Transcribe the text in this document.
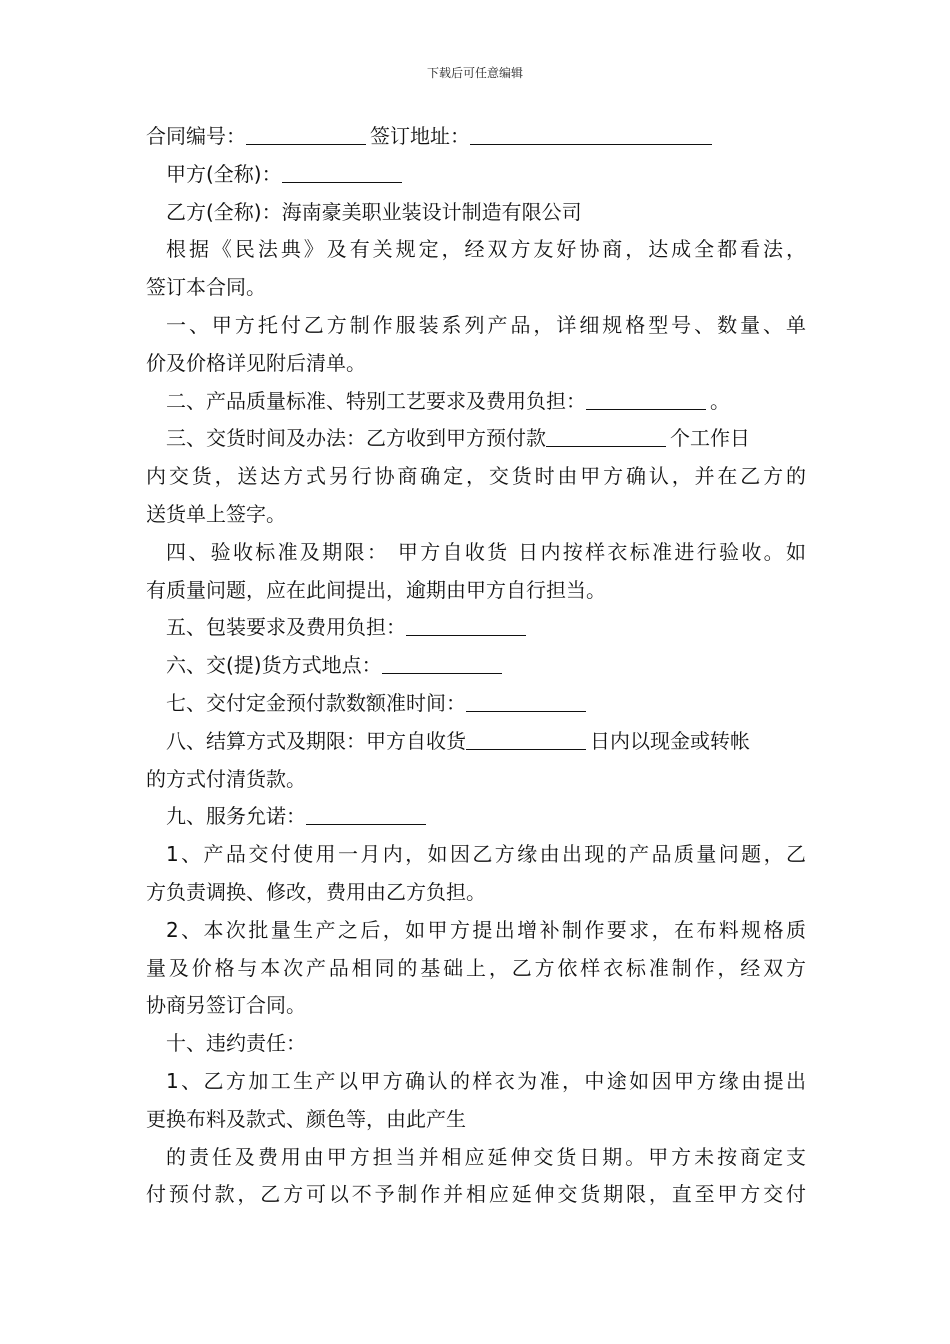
下载后可任意编辑
合同编号：	签订地址：
甲方(全称)：
乙方(全称)：海南豪美职业装设计制造有限公司
根据《民法典》及有关规定，经双方友好协商，达成全都看法，
签订本合同。
一、甲方托付乙方制作服装系列产品，详细规格型号、数量、单
价及价格详见附后清单。
二、产品质量标准、特别工艺要求及费用负担：	。
三、交货时间及办法：乙方收到甲方预付款	个工作日
内交货，送达方式另行协商确定，交货时由甲方确认，并在乙方的
送货单上签字。
四、验收标准及期限： 甲方自收货 日内按样衣标准进行验收。如
有质量问题，应在此间提出，逾期由甲方自行担当。
五、包装要求及费用负担：
六、交(提)货方式地点：
七、交付定金预付款数额准时间：
八、结算方式及期限：甲方自收货	日内以现金或转帐
的方式付清货款。
九、服务允诺：
1、产品交付使用一月内，如因乙方缘由出现的产品质量问题，乙
方负责调换、修改，费用由乙方负担。
2、本次批量生产之后，如甲方提出增补制作要求，在布料规格质
量及价格与本次产品相同的基础上，乙方依样衣标准制作，经双方
协商另签订合同。
十、违约责任：
1、乙方加工生产以甲方确认的样衣为准，中途如因甲方缘由提出
更换布料及款式、颜色等，由此产生
的责任及费用由甲方担当并相应延伸交货日期。甲方未按商定支
付预付款，乙方可以不予制作并相应延伸交货期限，直至甲方交付
